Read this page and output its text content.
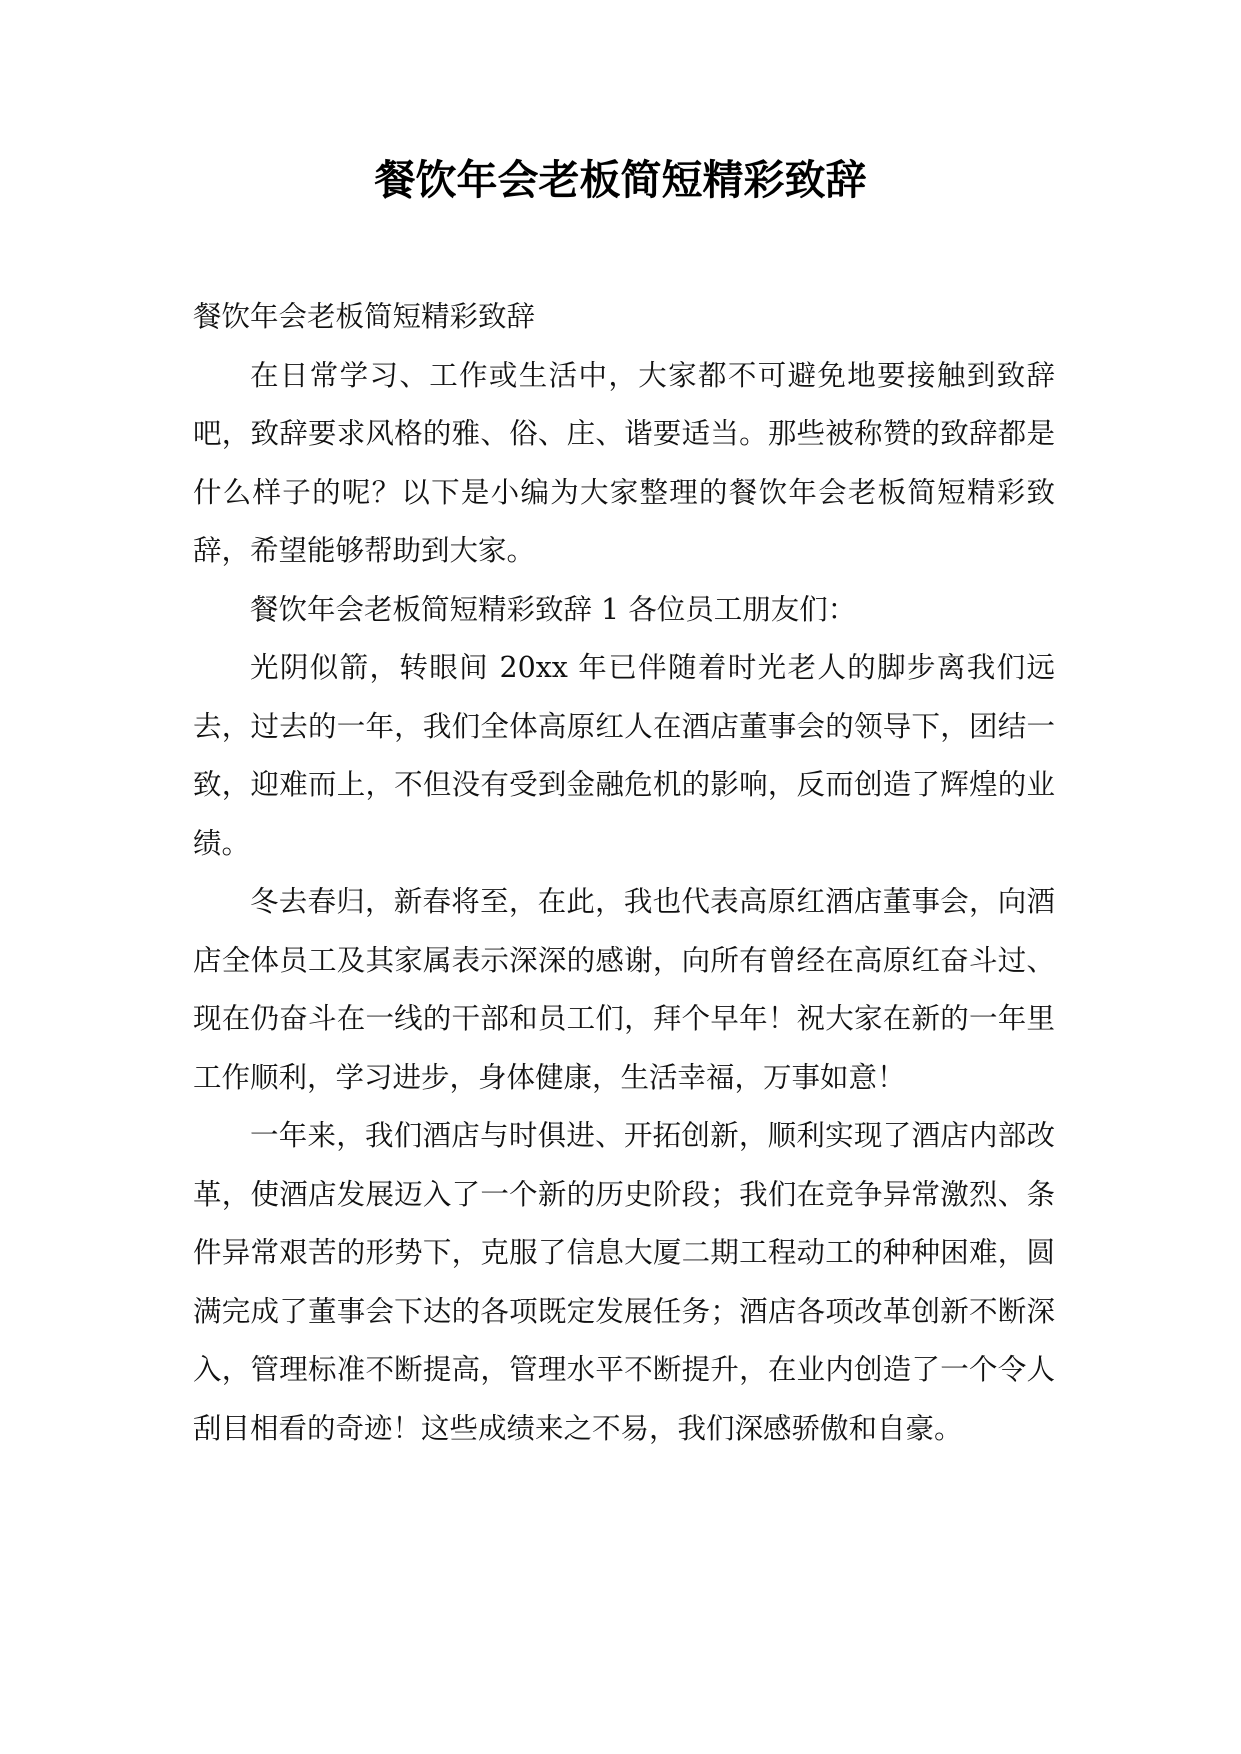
餐饮年会老板简短精彩致辞

餐饮年会老板简短精彩致辞

在日常学习、工作或生活中，大家都不可避免地要接触到致辞吧，致辞要求风格的雅、俗、庄、谐要适当。那些被称赞的致辞都是什么样子的呢？以下是小编为大家整理的餐饮年会老板简短精彩致辞，希望能够帮助到大家。

餐饮年会老板简短精彩致辞 1 各位员工朋友们：

光阴似箭，转眼间 20xx 年已伴随着时光老人的脚步离我们远去，过去的一年，我们全体高原红人在酒店董事会的领导下，团结一致，迎难而上，不但没有受到金融危机的影响，反而创造了辉煌的业绩。

冬去春归，新春将至，在此，我也代表高原红酒店董事会，向酒店全体员工及其家属表示深深的感谢，向所有曾经在高原红奋斗过、现在仍奋斗在一线的干部和员工们，拜个早年！祝大家在新的一年里工作顺利，学习进步，身体健康，生活幸福，万事如意！

一年来，我们酒店与时俱进、开拓创新，顺利实现了酒店内部改革，使酒店发展迈入了一个新的历史阶段；我们在竞争异常激烈、条件异常艰苦的形势下，克服了信息大厦二期工程动工的种种困难，圆满完成了董事会下达的各项既定发展任务；酒店各项改革创新不断深入，管理标准不断提高，管理水平不断提升，在业内创造了一个令人刮目相看的奇迹！这些成绩来之不易，我们深感骄傲和自豪。
